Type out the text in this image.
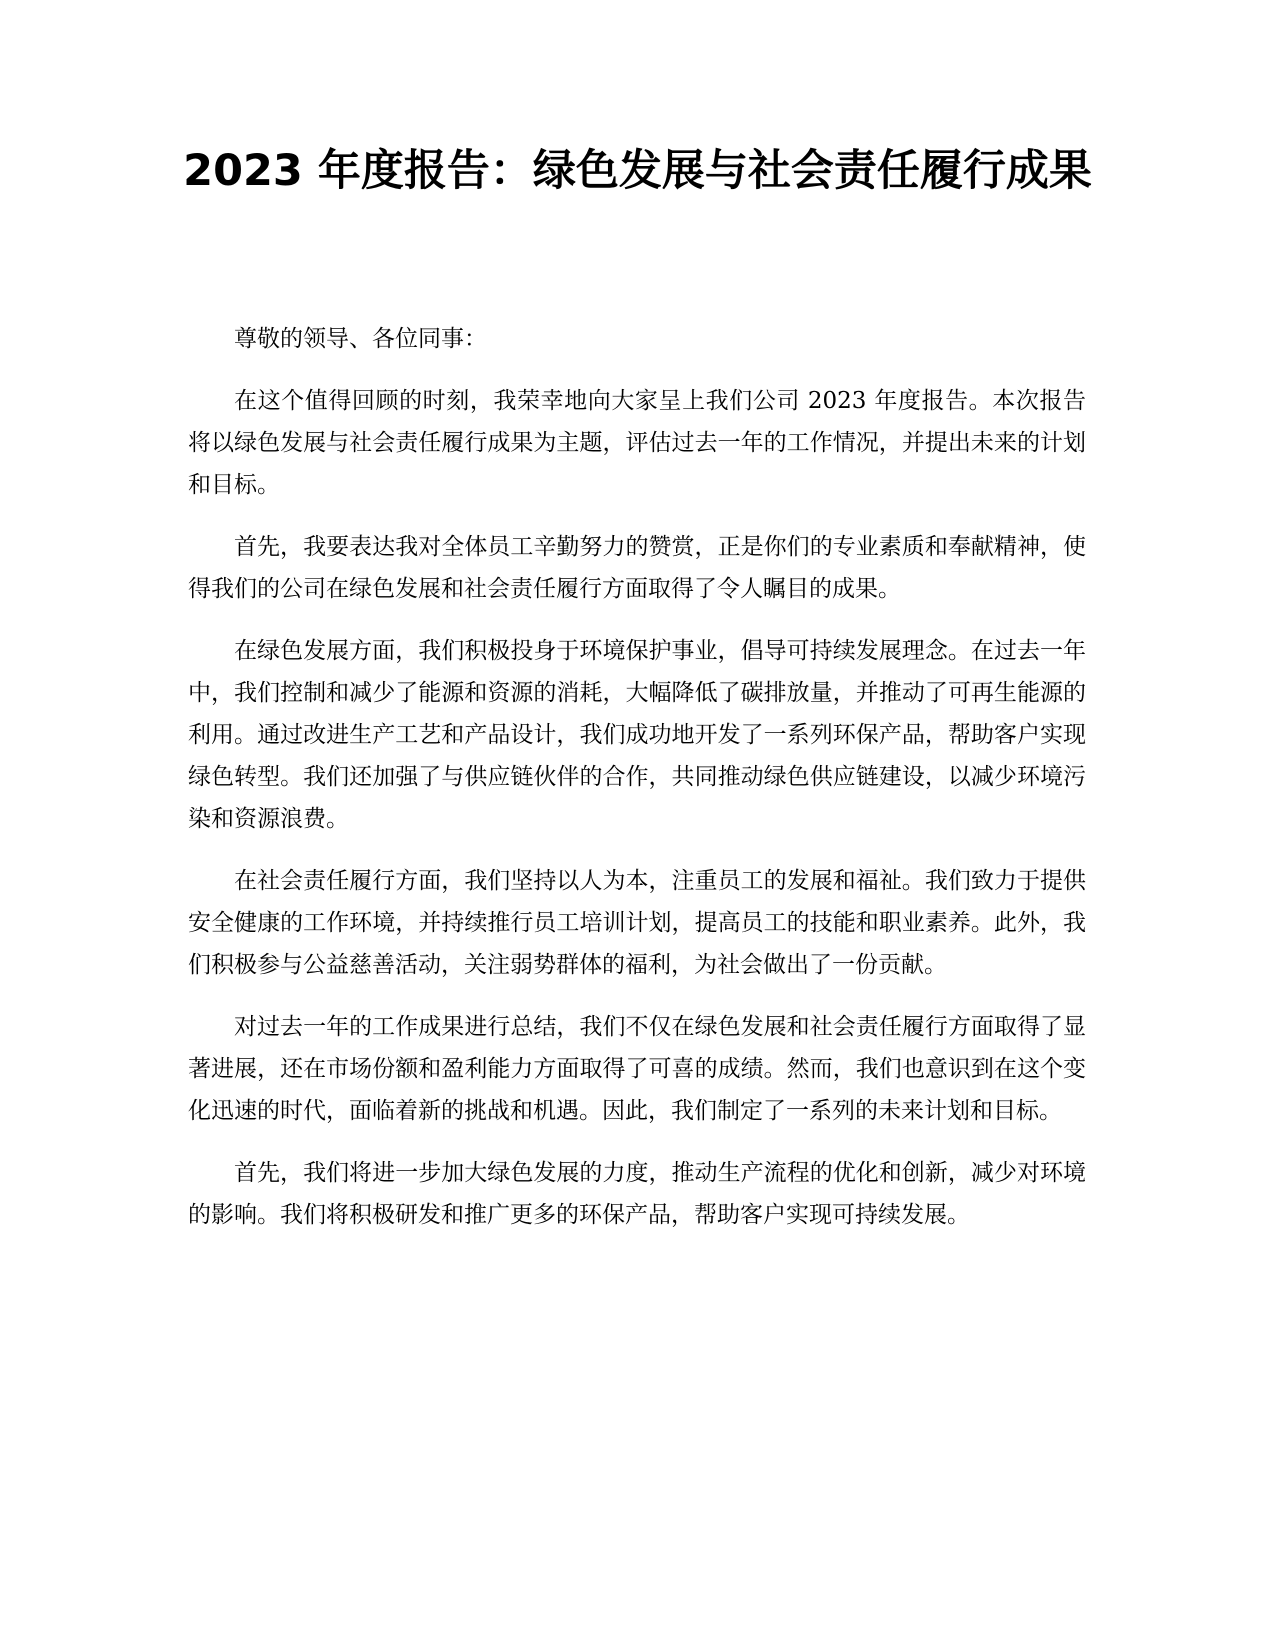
2023 年度报告：绿色发展与社会责任履行成果

尊敬的领导、各位同事：

在这个值得回顾的时刻，我荣幸地向大家呈上我们公司 2023 年度报告。本次报告将以绿色发展与社会责任履行成果为主题，评估过去一年的工作情况，并提出未来的计划和目标。

首先，我要表达我对全体员工辛勤努力的赞赏，正是你们的专业素质和奉献精神，使得我们的公司在绿色发展和社会责任履行方面取得了令人瞩目的成果。

在绿色发展方面，我们积极投身于环境保护事业，倡导可持续发展理念。在过去一年中，我们控制和减少了能源和资源的消耗，大幅降低了碳排放量，并推动了可再生能源的利用。通过改进生产工艺和产品设计，我们成功地开发了一系列环保产品，帮助客户实现绿色转型。我们还加强了与供应链伙伴的合作，共同推动绿色供应链建设，以减少环境污染和资源浪费。

在社会责任履行方面，我们坚持以人为本，注重员工的发展和福祉。我们致力于提供安全健康的工作环境，并持续推行员工培训计划，提高员工的技能和职业素养。此外，我们积极参与公益慈善活动，关注弱势群体的福利，为社会做出了一份贡献。

对过去一年的工作成果进行总结，我们不仅在绿色发展和社会责任履行方面取得了显著进展，还在市场份额和盈利能力方面取得了可喜的成绩。然而，我们也意识到在这个变化迅速的时代，面临着新的挑战和机遇。因此，我们制定了一系列的未来计划和目标。

首先，我们将进一步加大绿色发展的力度，推动生产流程的优化和创新，减少对环境的影响。我们将积极研发和推广更多的环保产品，帮助客户实现可持续发展。
